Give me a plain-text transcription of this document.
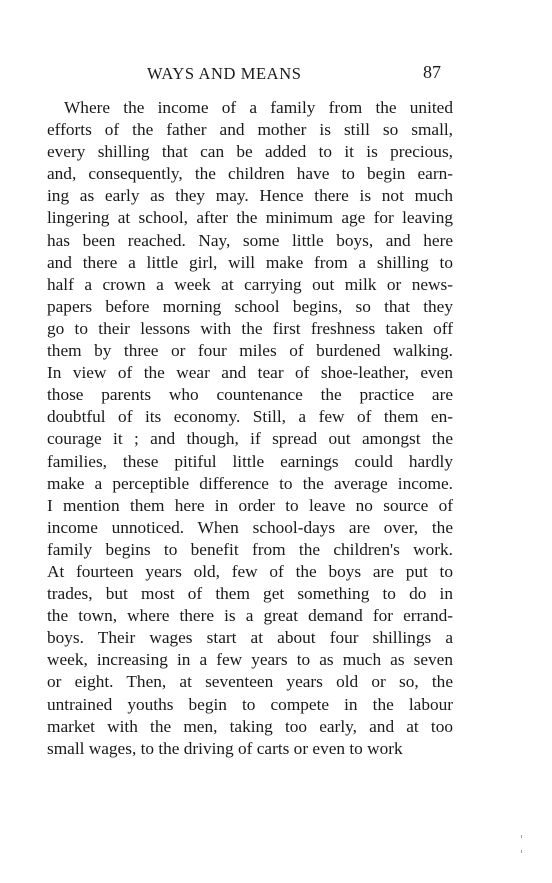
WAYS AND MEANS	87
Where the income of a family from the united
efforts of the father and mother is still so small,
every shilling that can be added to it is precious,
and, consequently, the children have to begin earn-
ing as early as they may. Hence there is not much
lingering at school, after the minimum age for leaving
has been reached. Nay, some little boys, and here
and there a little girl, will make from a shilling to
half a crown a week at carrying out milk or news-
papers before morning school begins, so that they
go to their lessons with the first freshness taken off
them by three or four miles of burdened walking.
In view of the wear and tear of shoe-leather, even
those parents who countenance the practice are
doubtful of its economy. Still, a few of them en-
courage it ; and though, if spread out amongst the
families, these pitiful little earnings could hardly
make a perceptible difference to the average income.
I mention them here in order to leave no source of
income unnoticed. When school-days are over, the
family begins to benefit from the children's work.
At fourteen years old, few of the boys are put to
trades, but most of them get something to do in
the town, where there is a great demand for errand-
boys. Their wages start at about four shillings a
week, increasing in a few years to as much as seven
or eight. Then, at seventeen years old or so, the
untrained youths begin to compete in the labour
market with the men, taking too early, and at too
small wages, to the driving of carts or even to work
